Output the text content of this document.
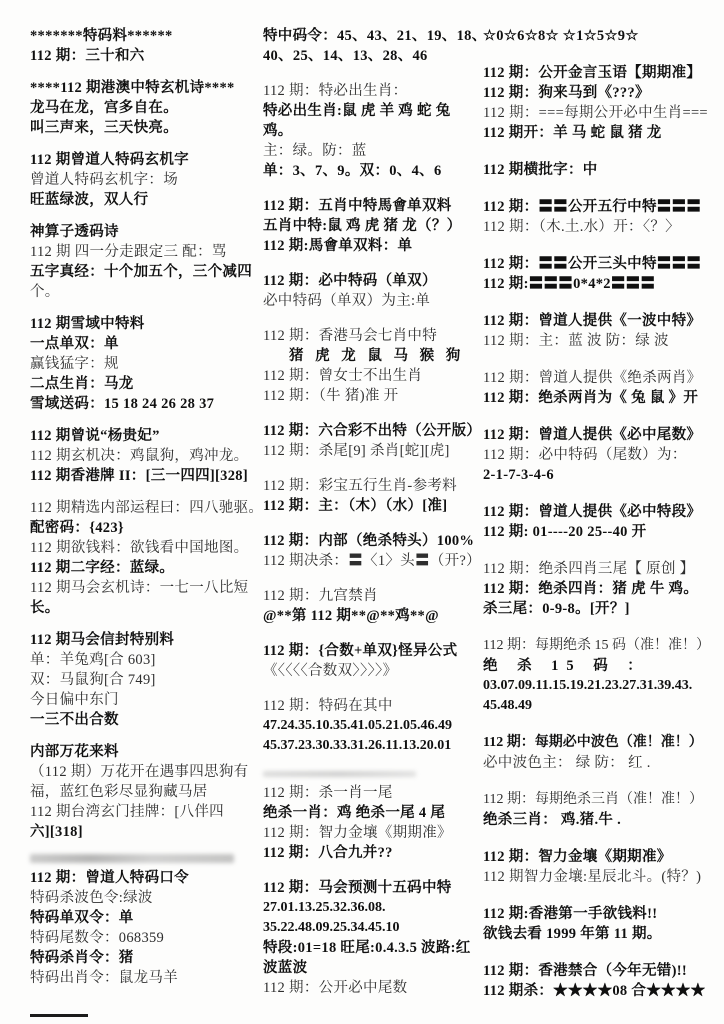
*******特码料******
112 期：三十和六
****112 期港澳中特玄机诗****
龙马在龙，宫多自在。
叫三声来，三天快亮。
112 期曾道人特码玄机字
曾道人特码玄机字：场
旺蓝绿波，双人行
神算子透码诗
112 期 四一分走跟定三 配：骂
五字真经：十个加五个，三个减四
个。
112 期雪域中特料
一点单双：单
赢钱猛字：规
二点生肖：马龙
雪域送码：15 18 24 26 28 37
112 期曾说“杨贵妃”
112 期玄机决：鸡鼠狗，鸡冲龙。
112 期香港牌 II：[三一四四][328]
112 期精选内部运程曰：四八驰驱。
配密码：{423}
112 期欲钱料：欲钱看中国地图。
112 期二字经：蓝绿。
112 期马会玄机诗：一七一八比短
长。
112 期马会信封特别料
单：羊兔鸡[合 603]
双：马鼠狗[合 749]
今日偏中东门
一三不出合数
内部万花来料
（112 期）万花开在遇事四思狗有
福，蓝红色彩尽显狗藏马居
112 期台湾玄门挂牌：[八伴四
六][318]
112 期：曾道人特码口令
特码杀波色令:绿波
特码单双令：单
特码尾数令：068359
特码杀肖令：猪
特码出肖令：鼠龙马羊
特中码令：45、43、21、19、18、
40、25、14、13、28、46
112 期：特必出生肖：
特必出生肖:鼠 虎 羊 鸡 蛇 兔
鸡。
主：绿。防：蓝
单：3、7、9。双：0、4、6
112 期：五肖中特馬會单双料
五肖中特:鼠 鸡 虎 猪 龙（？）
112 期:馬會单双料：单
112 期：必中特码（单双）
必中特码（单双）为主:单
112 期：香港马会七肖中特
猪 虎 龙 鼠 马 猴 狗
112 期：曾女士不出生肖
112 期：（牛 猪)准 开
112 期：六合彩不出特（公开版）
112 期：杀尾[9] 杀肖[蛇][虎]
112 期：彩宝五行生肖-参考料
112 期：主：（木）（水）[准]
112 期：内部（绝杀特头）100%
112 期决杀：〓〈1〉头〓（开?）
112 期：九宫禁肖
@**第 112 期**@**鸡**@
112 期：{合数+单双}怪异公式
《〈〈〈〈合数双〉〉〉〉》
112 期：特码在其中
47.24.35.10.35.41.05.21.05.46.49
45.37.23.30.33.31.26.11.13.20.01
112 期：杀一肖一尾
绝杀一肖：鸡 绝杀一尾 4 尾
112 期：智力金壤《期期准》
112 期：八合九并??
112 期：马会预测十五码中特
27.01.13.25.32.36.08.
35.22.48.09.25.34.45.10
特段:01=18 旺尾:0.4.3.5 波路:红
波蓝波
112 期：公开必中尾数
☆0☆6☆8☆ ☆1☆5☆9☆
112 期：公开金言玉语【期期准】
112 期：狗来马到《???》
112 期：===每期公开必中生肖===
112 期开：羊 马 蛇 鼠 猪 龙
112 期横批字：中
112 期：〓〓公开五行中特〓〓〓
112 期：（木.土.水）开：〈？〉
112 期：〓〓公开三头中特〓〓〓
112 期:〓〓〓0*4*2〓〓〓
112 期：曾道人提供《一波中特》
112 期：主：蓝 波 防：绿 波
112 期：曾道人提供《绝杀两肖》
112 期：绝杀两肖为《 兔 鼠 》开
112 期：曾道人提供《必中尾数》
112 期：必中特码（尾数）为：
2-1-7-3-4-6
112 期：曾道人提供《必中特段》
112 期: 01----20 25--40 开
112 期：绝杀四肖三尾【 原创 】
112 期：绝杀四肖：猪 虎 牛 鸡。
杀三尾：0-9-8。[开？]
112 期：每期绝杀 15 码（准！准！）
绝 杀 15 码 ：
03.07.09.11.15.19.21.23.27.31.39.43.
45.48.49
112 期：每期必中波色（准！准！）
必中波色主： 绿 防： 红 .
112 期：每期绝杀三肖（准！准！）
绝杀三肖： 鸡.猪.牛 .
112 期：智力金壤《期期准》
112 期智力金壤:星辰北斗。(特？)
112 期:香港第一手欲钱料!!
欲钱去看 1999 年第 11 期。
112 期：香港禁合（今年无错)!!
112 期杀：★★★★08 合★★★★
